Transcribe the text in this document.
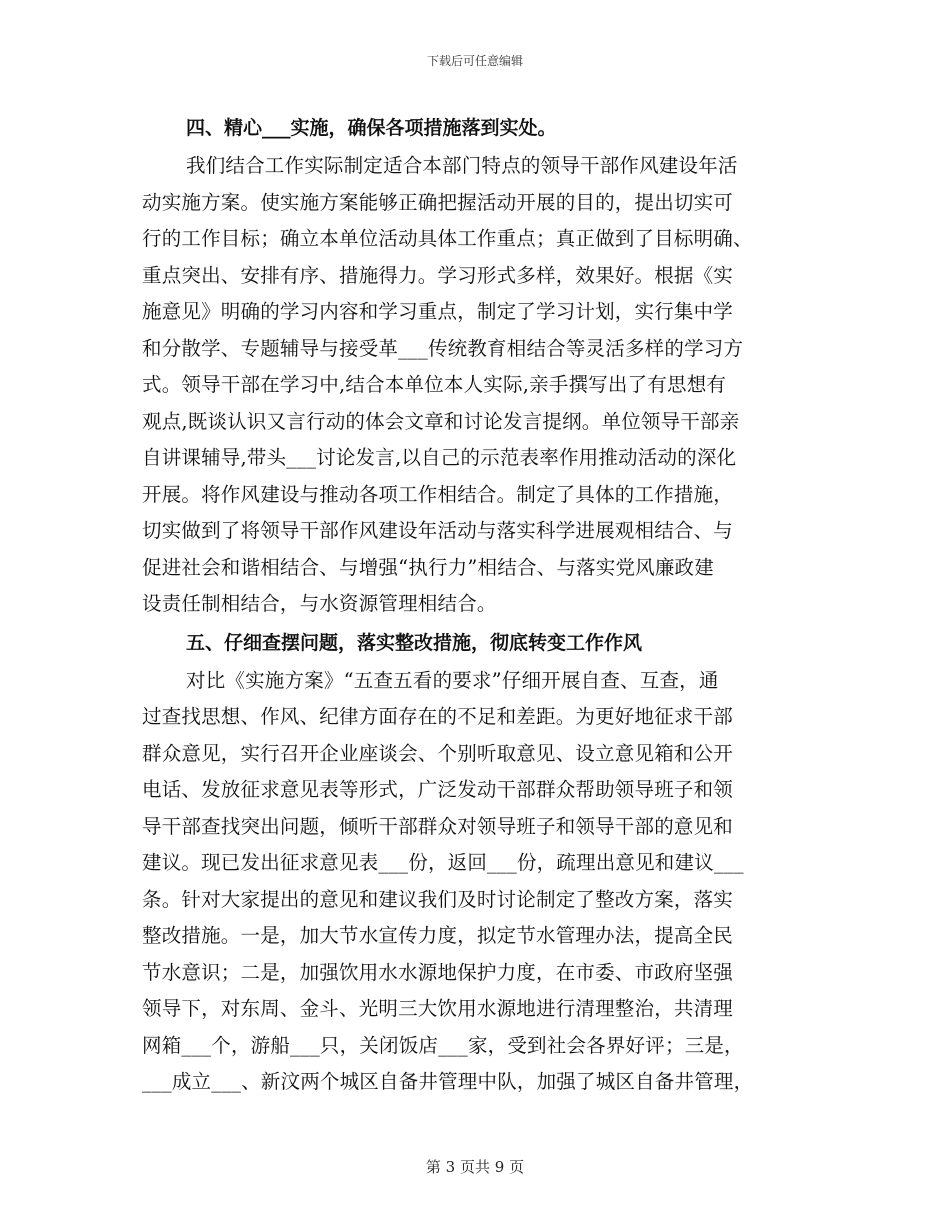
下载后可任意编辑

四、精心___实施，确保各项措施落到实处。

我们结合工作实际制定适合本部门特点的领导干部作风建设年活

动实施方案。使实施方案能够正确把握活动开展的目的，提出切实可

行的工作目标；确立本单位活动具体工作重点；真正做到了目标明确、

重点突出、安排有序、措施得力。学习形式多样，效果好。根据《实

施意见》明确的学习内容和学习重点，制定了学习计划，实行集中学

和分散学、专题辅导与接受革___传统教育相结合等灵活多样的学习方

式。领导干部在学习中,结合本单位本人实际,亲手撰写出了有思想有

观点,既谈认识又言行动的体会文章和讨论发言提纲。单位领导干部亲

自讲课辅导,带头___讨论发言,以自己的示范表率作用推动活动的深化

开展。将作风建设与推动各项工作相结合。制定了具体的工作措施，

切实做到了将领导干部作风建设年活动与落实科学进展观相结合、与

促进社会和谐相结合、与增强“执行力”相结合、与落实党风廉政建

设责任制相结合，与水资源管理相结合。

五、仔细查摆问题，落实整改措施，彻底转变工作作风

对比《实施方案》“五查五看的要求”仔细开展自查、互查，通

过查找思想、作风、纪律方面存在的不足和差距。为更好地征求干部

群众意见，实行召开企业座谈会、个别听取意见、设立意见箱和公开

电话、发放征求意见表等形式，广泛发动干部群众帮助领导班子和领

导干部查找突出问题，倾听干部群众对领导班子和领导干部的意见和

建议。现已发出征求意见表___份，返回___份，疏理出意见和建议___

条。针对大家提出的意见和建议我们及时讨论制定了整改方案，落实

整改措施。一是，加大节水宣传力度，拟定节水管理办法，提高全民

节水意识；二是，加强饮用水水源地保护力度，在市委、市政府坚强

领导下，对东周、金斗、光明三大饮用水源地进行清理整治，共清理

网箱___个，游船___只，关闭饭店___家，受到社会各界好评；三是，

___成立___、新汶两个城区自备井管理中队，加强了城区自备井管理，

第 3 页共 9 页
